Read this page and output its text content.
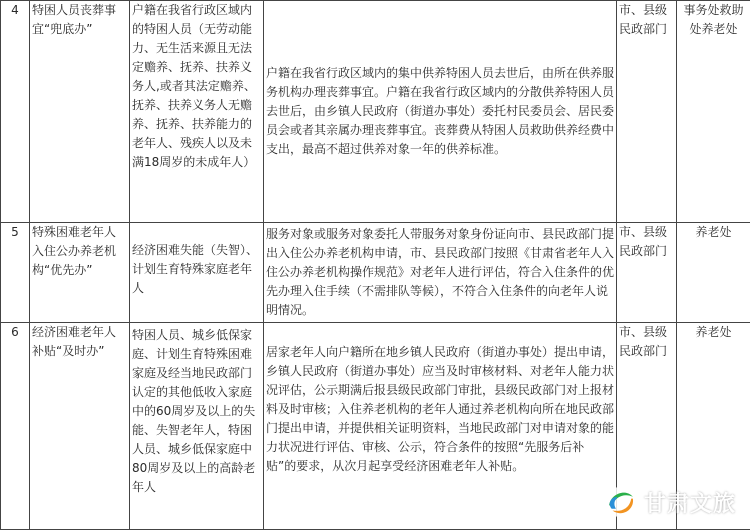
4	特困人员丧葬事宜“兜底办”	户籍在我省行政区域内的特困人员（无劳动能力、无生活来源且无法定赡养、抚养、扶养义务人,或者其法定赡养、抚养、扶养义务人无赡养、抚养、扶养能力的老年人、残疾人以及未满18周岁的未成年人）	户籍在我省行政区域内的集中供养特困人员去世后，由所在供养服务机构办理丧葬事宜。户籍在我省行政区域内的分散供养特困人员去世后，由乡镇人民政府（街道办事处）委托村民委员会、居民委员会或者其亲属办理丧葬事宜。丧葬费从特困人员救助供养经费中支出，最高不超过供养对象一年的供养标准。	市、县级民政部门	事务处救助处养老处
5	特殊困难老年人入住公办养老机构“优先办”	经济困难失能（失智）、计划生育特殊家庭老年人	服务对象或服务对象委托人带服务对象身份证向市、县民政部门提出入住公办养老机构申请，市、县民政部门按照《甘肃省老年人入住公办养老机构操作规范》对老年人进行评估，符合入住条件的优先办理入住手续（不需排队等候），不符合入住条件的向老年人说明情况。	市、县级民政部门	养老处
6	经济困难老年人补贴“及时办”	特困人员、城乡低保家庭、计划生育特殊困难家庭及经当地民政部门认定的其他低收入家庭中的60周岁及以上的失能、失智老年人，特困人员、城乡低保家庭中80周岁及以上的高龄老年人	居家老年人向户籍所在地乡镇人民政府（街道办事处）提出申请，乡镇人民政府（街道办事处）应当及时审核材料、对老年人能力状况评估，公示期满后报县级民政部门审批，县级民政部门对上报材料及时审核；入住养老机构的老年人通过养老机构向所在地民政部门提出申请，并提供相关证明资料，当地民政部门对申请对象的能力状况进行评估、审核、公示，符合条件的按照“先服务后补贴”的要求，从次月起享受经济困难老年人补贴。	市、县级民政部门	养老处
甘肃文旅
